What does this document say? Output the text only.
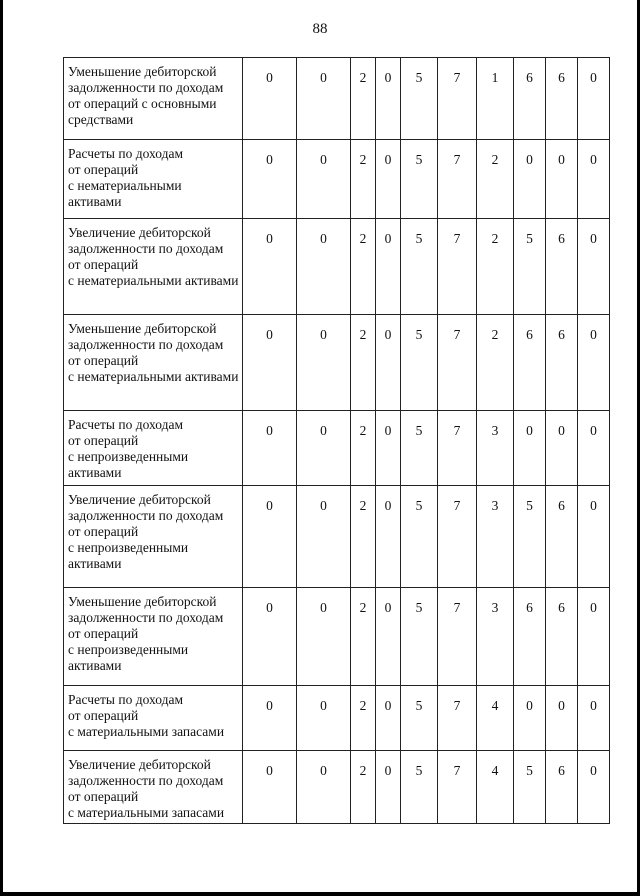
88
Уменьшение дебиторской задолженности по доходам от операций с основными средствами	0	0	2	0	5	7	1	6	6	0
Расчеты по доходам
от операций
с нематериальными
активами	0	0	2	0	5	7	2	0	0	0
Увеличение дебиторской задолженности по доходам от операций
с нематериальными активами	0	0	2	0	5	7	2	5	6	0
Уменьшение дебиторской задолженности по доходам от операций
с нематериальными активами	0	0	2	0	5	7	2	6	6	0
Расчеты по доходам
от операций
с непроизведенными
активами	0	0	2	0	5	7	3	0	0	0
Увеличение дебиторской задолженности по доходам от операций
с непроизведенными активами	0	0	2	0	5	7	3	5	6	0
Уменьшение дебиторской задолженности по доходам от операций
с непроизведенными активами	0	0	2	0	5	7	3	6	6	0
Расчеты по доходам
от операций
с материальными запасами	0	0	2	0	5	7	4	0	0	0
Увеличение дебиторской задолженности по доходам от операций
с материальными запасами	0	0	2	0	5	7	4	5	6	0
